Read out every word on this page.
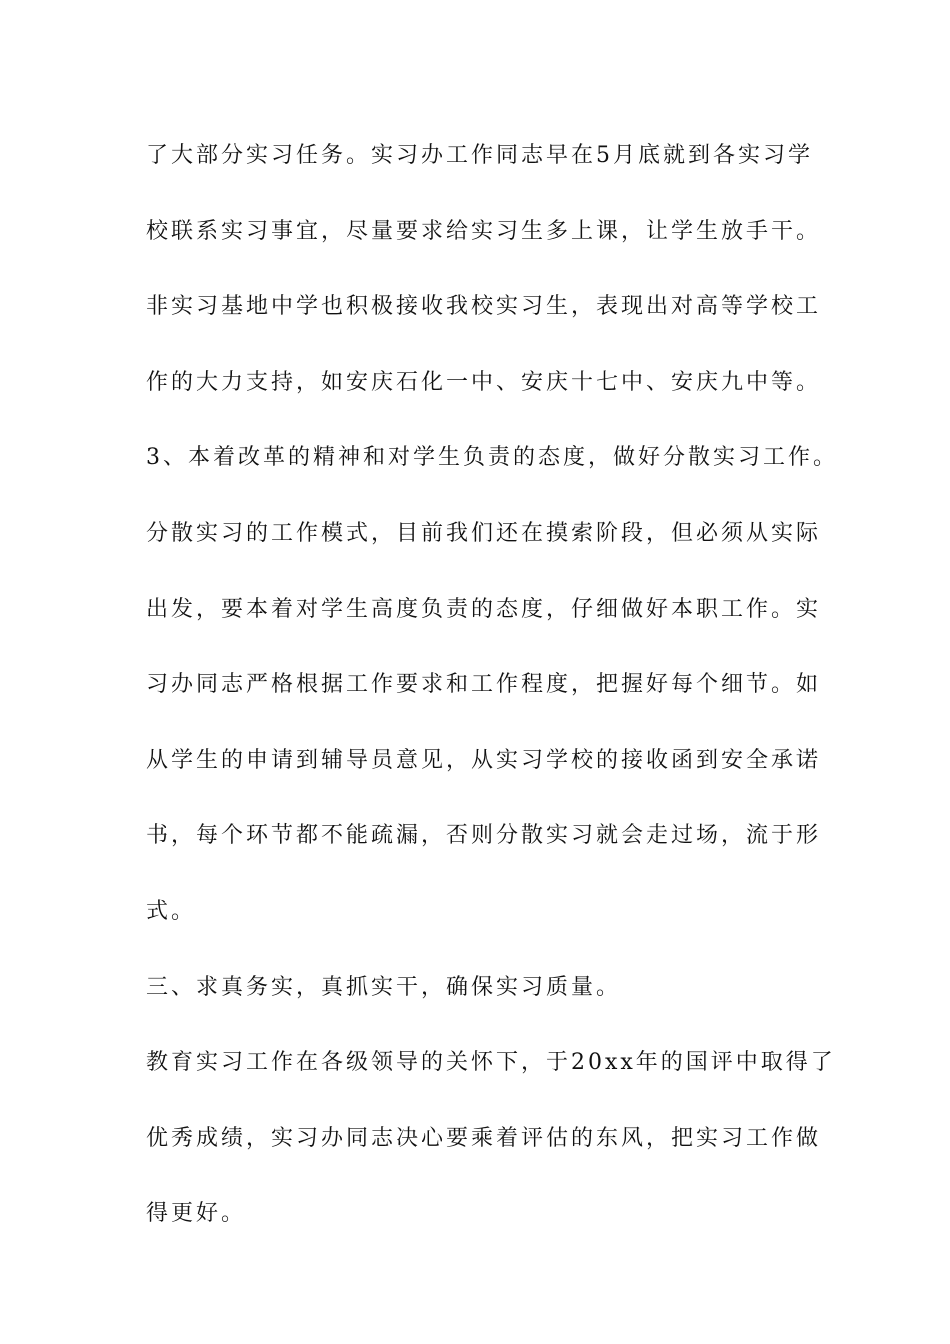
了大部分实习任务。实习办工作同志早在5月底就到各实习学
校联系实习事宜，尽量要求给实习生多上课，让学生放手干。
非实习基地中学也积极接收我校实习生，表现出对高等学校工
作的大力支持，如安庆石化一中、安庆十七中、安庆九中等。
3、本着改革的精神和对学生负责的态度，做好分散实习工作。
分散实习的工作模式，目前我们还在摸索阶段，但必须从实际
出发，要本着对学生高度负责的态度，仔细做好本职工作。实
习办同志严格根据工作要求和工作程度，把握好每个细节。如
从学生的申请到辅导员意见，从实习学校的接收函到安全承诺
书，每个环节都不能疏漏，否则分散实习就会走过场，流于形
式。
三、求真务实，真抓实干，确保实习质量。
教育实习工作在各级领导的关怀下，于20xx年的国评中取得了
优秀成绩，实习办同志决心要乘着评估的东风，把实习工作做
得更好。
